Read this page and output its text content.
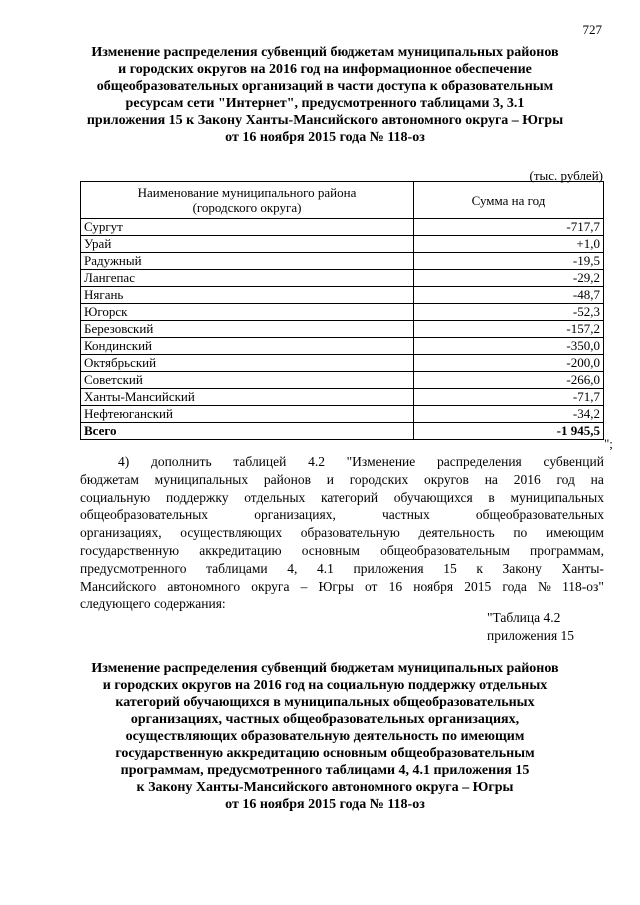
727
Изменение распределения субвенций бюджетам муниципальных районов
и городских округов на 2016 год на информационное обеспечение
общеобразовательных организаций в части доступа к образовательным
ресурсам сети "Интернет", предусмотренного таблицами 3, 3.1
приложения 15 к Закону Ханты-Мансийского автономного округа – Югры
от 16 ноября 2015 года № 118-оз
(тыс. рублей)
Наименование муниципального района
(городского округа)	Сумма на год
Сургут	-717,7
Урай	+1,0
Радужный	-19,5
Лангепас	-29,2
Нягань	-48,7
Югорск	-52,3
Березовский	-157,2
Кондинский	-350,0
Октябрьский	-200,0
Советский	-266,0
Ханты-Мансийский	-71,7
Нефтеюганский	-34,2
Всего	-1 945,5
";
4) дополнить таблицей 4.2 "Изменение распределения субвенций
бюджетам муниципальных районов и городских округов на 2016 год на
социальную поддержку отдельных категорий обучающихся в муниципальных
общеобразовательных	организациях,	частных	общеобразовательных
организациях, осуществляющих образовательную деятельность по имеющим
государственную аккредитацию основным общеобразовательным программам,
предусмотренного таблицами 4, 4.1 приложения 15 к Закону Ханты-
Мансийского автономного округа – Югры от 16 ноября 2015 года № 118-оз"
следующего содержания:
"Таблица 4.2
приложения 15
Изменение распределения субвенций бюджетам муниципальных районов
и городских округов на 2016 год на социальную поддержку отдельных
категорий обучающихся в муниципальных общеобразовательных
организациях, частных общеобразовательных организациях,
осуществляющих образовательную деятельность по имеющим
государственную аккредитацию основным общеобразовательным
программам, предусмотренного таблицами 4, 4.1 приложения 15
к Закону Ханты-Мансийского автономного округа – Югры
от 16 ноября 2015 года № 118-оз
